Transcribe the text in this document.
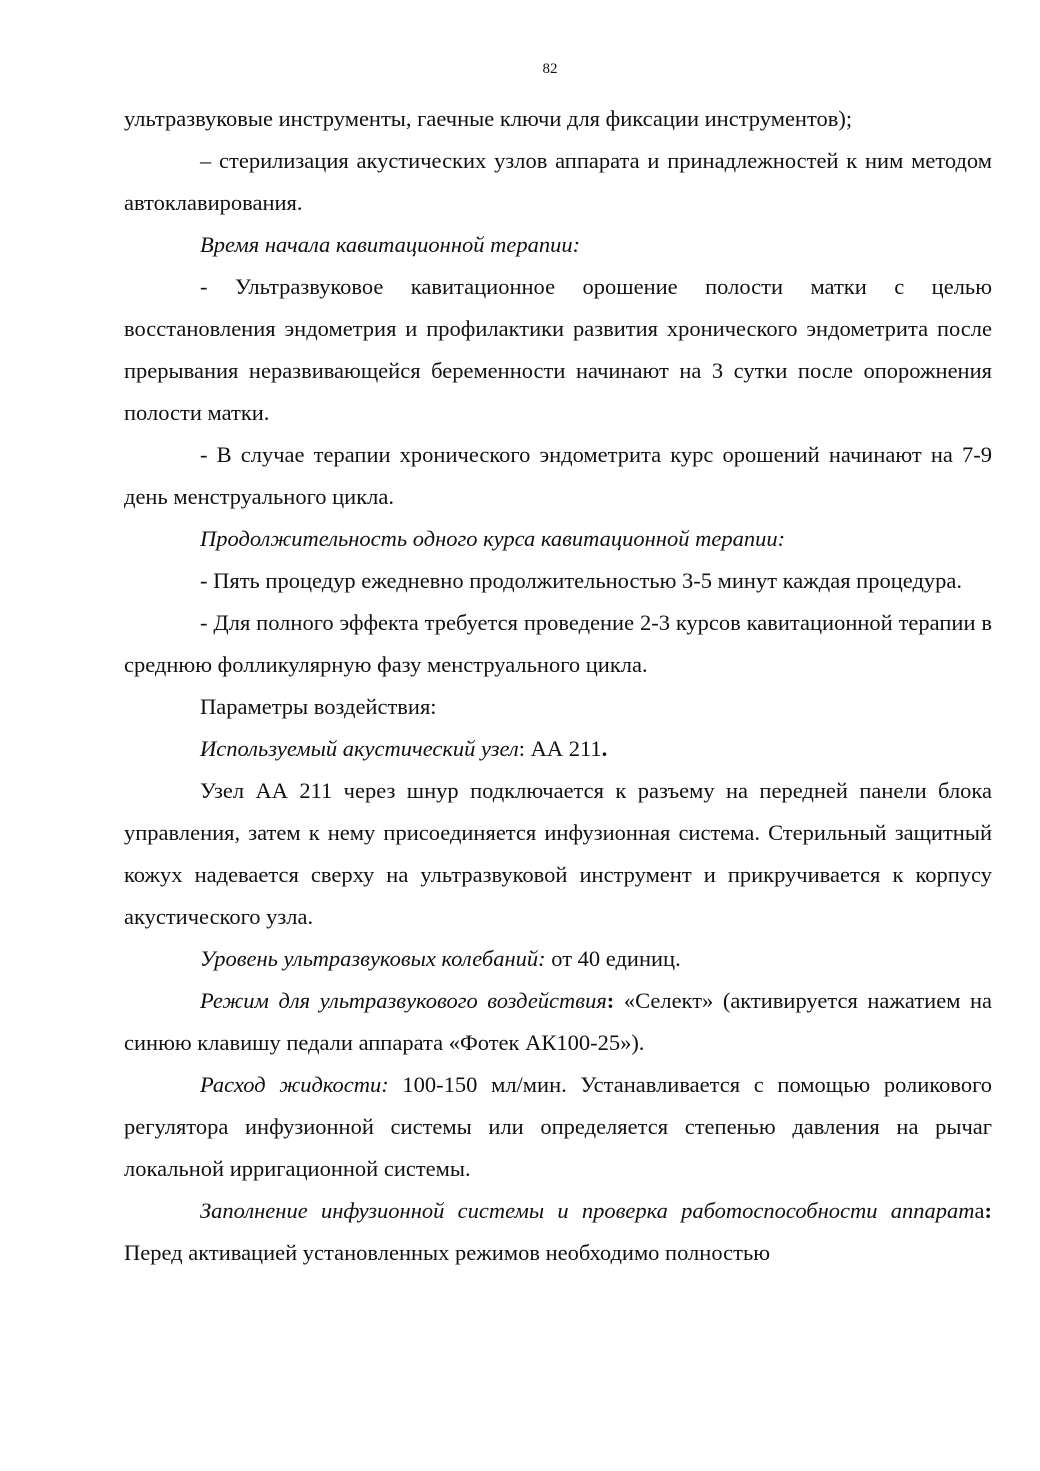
82

ультразвуковые инструменты, гаечные ключи для фиксации инструментов);

– стерилизация акустических узлов аппарата и принадлежностей к ним методом автоклавирования.

Время начала кавитационной терапии:

- Ультразвуковое кавитационное орошение полости матки с целью восстановления эндометрия и профилактики развития хронического эндометрита после прерывания неразвивающейся беременности начинают на 3 сутки после опорожнения полости матки.

- В случае терапии хронического эндометрита курс орошений начинают на 7-9 день менструального цикла.

Продолжительность одного курса кавитационной терапии:

- Пять процедур ежедневно продолжительностью 3-5 минут каждая процедура.

- Для полного эффекта требуется проведение 2-3 курсов кавитационной терапии в среднюю фолликулярную фазу менструального цикла.

Параметры воздействия:

Используемый акустический узел: АА 211.

Узел АА 211 через шнур подключается к разъему на передней панели блока управления, затем к нему присоединяется инфузионная система. Стерильный защитный кожух надевается сверху на ультразвуковой инструмент и прикручивается к корпусу акустического узла.

Уровень ультразвуковых колебаний: от 40 единиц.

Режим для ультразвукового воздействия: «Селект» (активируется нажатием на синюю клавишу педали аппарата «Фотек АК100-25»).

Расход жидкости: 100-150 мл/мин. Устанавливается с помощью роликового регулятора инфузионной системы или определяется степенью давления на рычаг локальной ирригационной системы.

Заполнение инфузионной системы и проверка работоспособности аппарата: Перед активацией установленных режимов необходимо полностью
